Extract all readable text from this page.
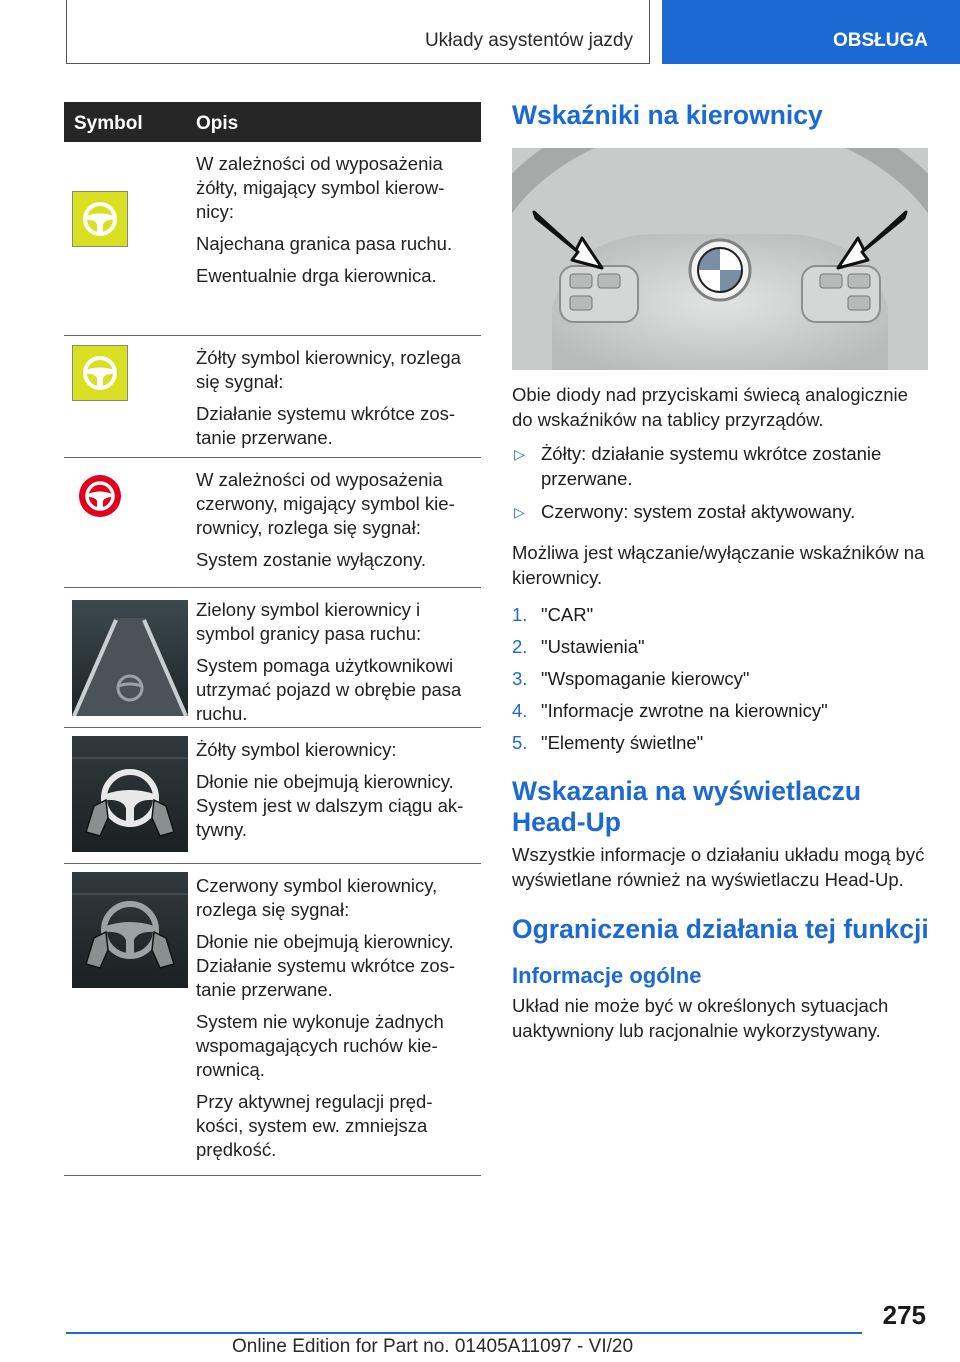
Układy asystentów jazdy	OBSŁUGA
Symbol	Opis

W zależności od wyposażenia żółty, migający symbol kierow-nicy:

Najechana granica pasa ruchu.

Ewentualnie drga kierownica.

Żółty symbol kierownicy, rozlega się sygnał:

Działanie systemu wkrótce zos-tanie przerwane.

W zależności od wyposażenia czerwony, migający symbol kie-rownicy, rozlega się sygnał:

System zostanie wyłączony.

Zielony symbol kierownicy i symbol granicy pasa ruchu:

System pomaga użytkownikowi utrzymać pojazd w obrębie pasa ruchu.

Żółty symbol kierownicy:

Dłonie nie obejmują kierownicy. System jest w dalszym ciągu ak-tywny.

Czerwony symbol kierownicy, rozlega się sygnał:

Dłonie nie obejmują kierownicy. Działanie systemu wkrótce zos-tanie przerwane.

System nie wykonuje żadnych wspomagających ruchów kie-rownicą.

Przy aktywnej regulacji pręd-kości, system ew. zmniejsza prędkość.

Wskaźniki na kierownicy

Obie diody nad przyciskami świecą analogicznie do wskaźników na tablicy przyrządów.

▷ Żółty: działanie systemu wkrótce zostanie przerwane.
▷ Czerwony: system został aktywowany.

Możliwa jest włączanie/wyłączanie wskaźników na kierownicy.

1. "CAR"
2. "Ustawienia"
3. "Wspomaganie kierowcy"
4. "Informacje zwrotne na kierownicy"
5. "Elementy świetlne"
Wskazania na wyświetlaczu Head-Up

Wszystkie informacje o działaniu układu mogą być wyświetlane również na wyświetlaczu Head-Up.

Ograniczenia działania tej funkcji
Informacje ogólne

Układ nie może być w określonych sytuacjach uaktywniony lub racjonalnie wykorzystywany.

275
Online Edition for Part no. 01405A11097 - VI/20
